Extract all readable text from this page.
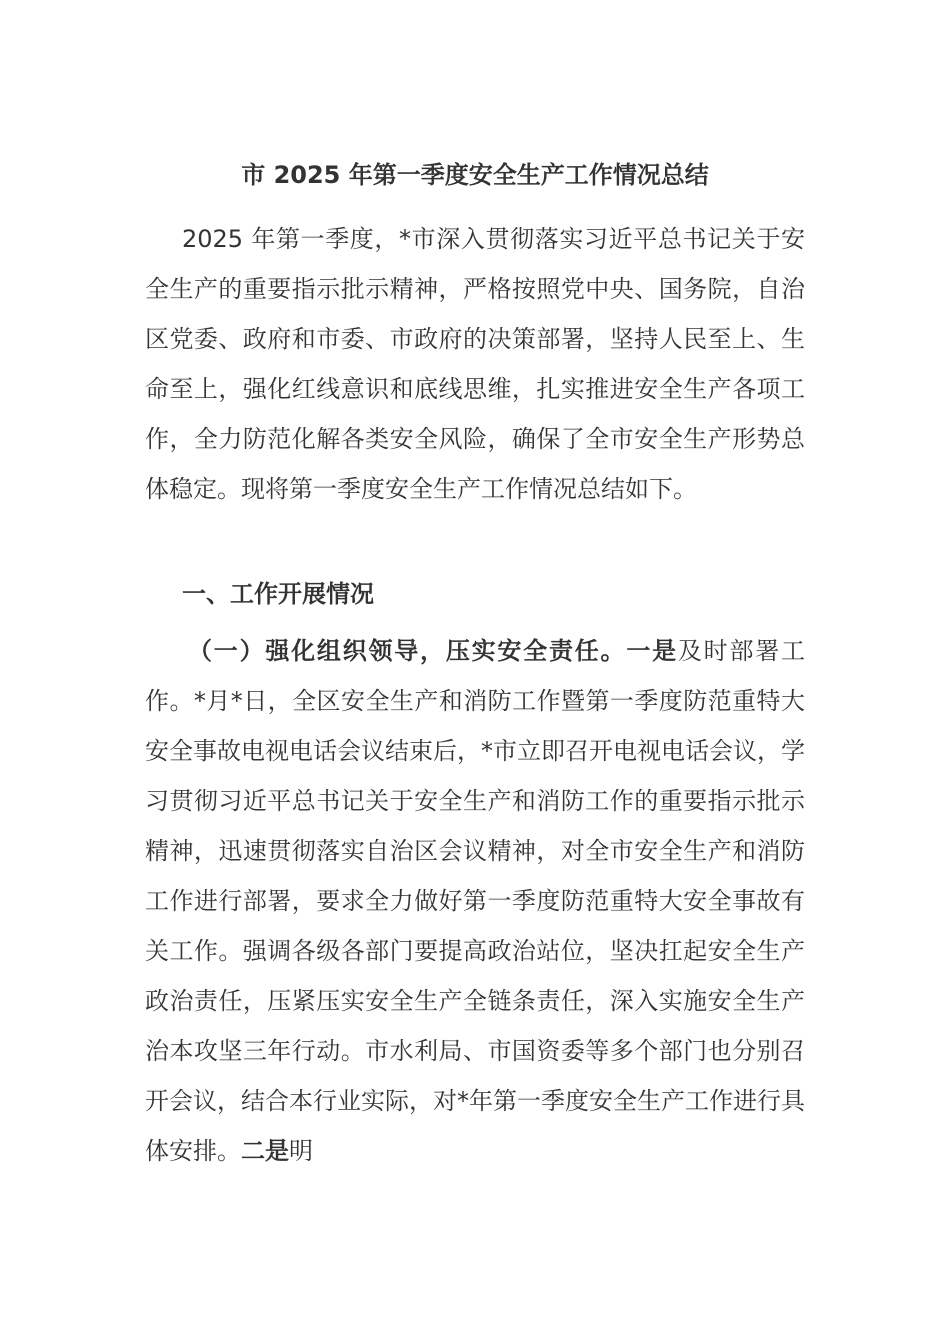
市 2025 年第一季度安全生产工作情况总结

2025 年第一季度，*市深入贯彻落实习近平总书记关于安全生产的重要指示批示精神，严格按照党中央、国务院，自治区党委、政府和市委、市政府的决策部署，坚持人民至上、生命至上，强化红线意识和底线思维，扎实推进安全生产各项工作，全力防范化解各类安全风险，确保了全市安全生产形势总体稳定。现将第一季度安全生产工作情况总结如下。

一、工作开展情况

（一）强化组织领导，压实安全责任。一是及时部署工作。*月*日，全区安全生产和消防工作暨第一季度防范重特大安全事故电视电话会议结束后，*市立即召开电视电话会议，学习贯彻习近平总书记关于安全生产和消防工作的重要指示批示精神，迅速贯彻落实自治区会议精神，对全市安全生产和消防工作进行部署，要求全力做好第一季度防范重特大安全事故有关工作。强调各级各部门要提高政治站位，坚决扛起安全生产政治责任，压紧压实安全生产全链条责任，深入实施安全生产治本攻坚三年行动。市水利局、市国资委等多个部门也分别召开会议，结合本行业实际，对*年第一季度安全生产工作进行具体安排。二是明
